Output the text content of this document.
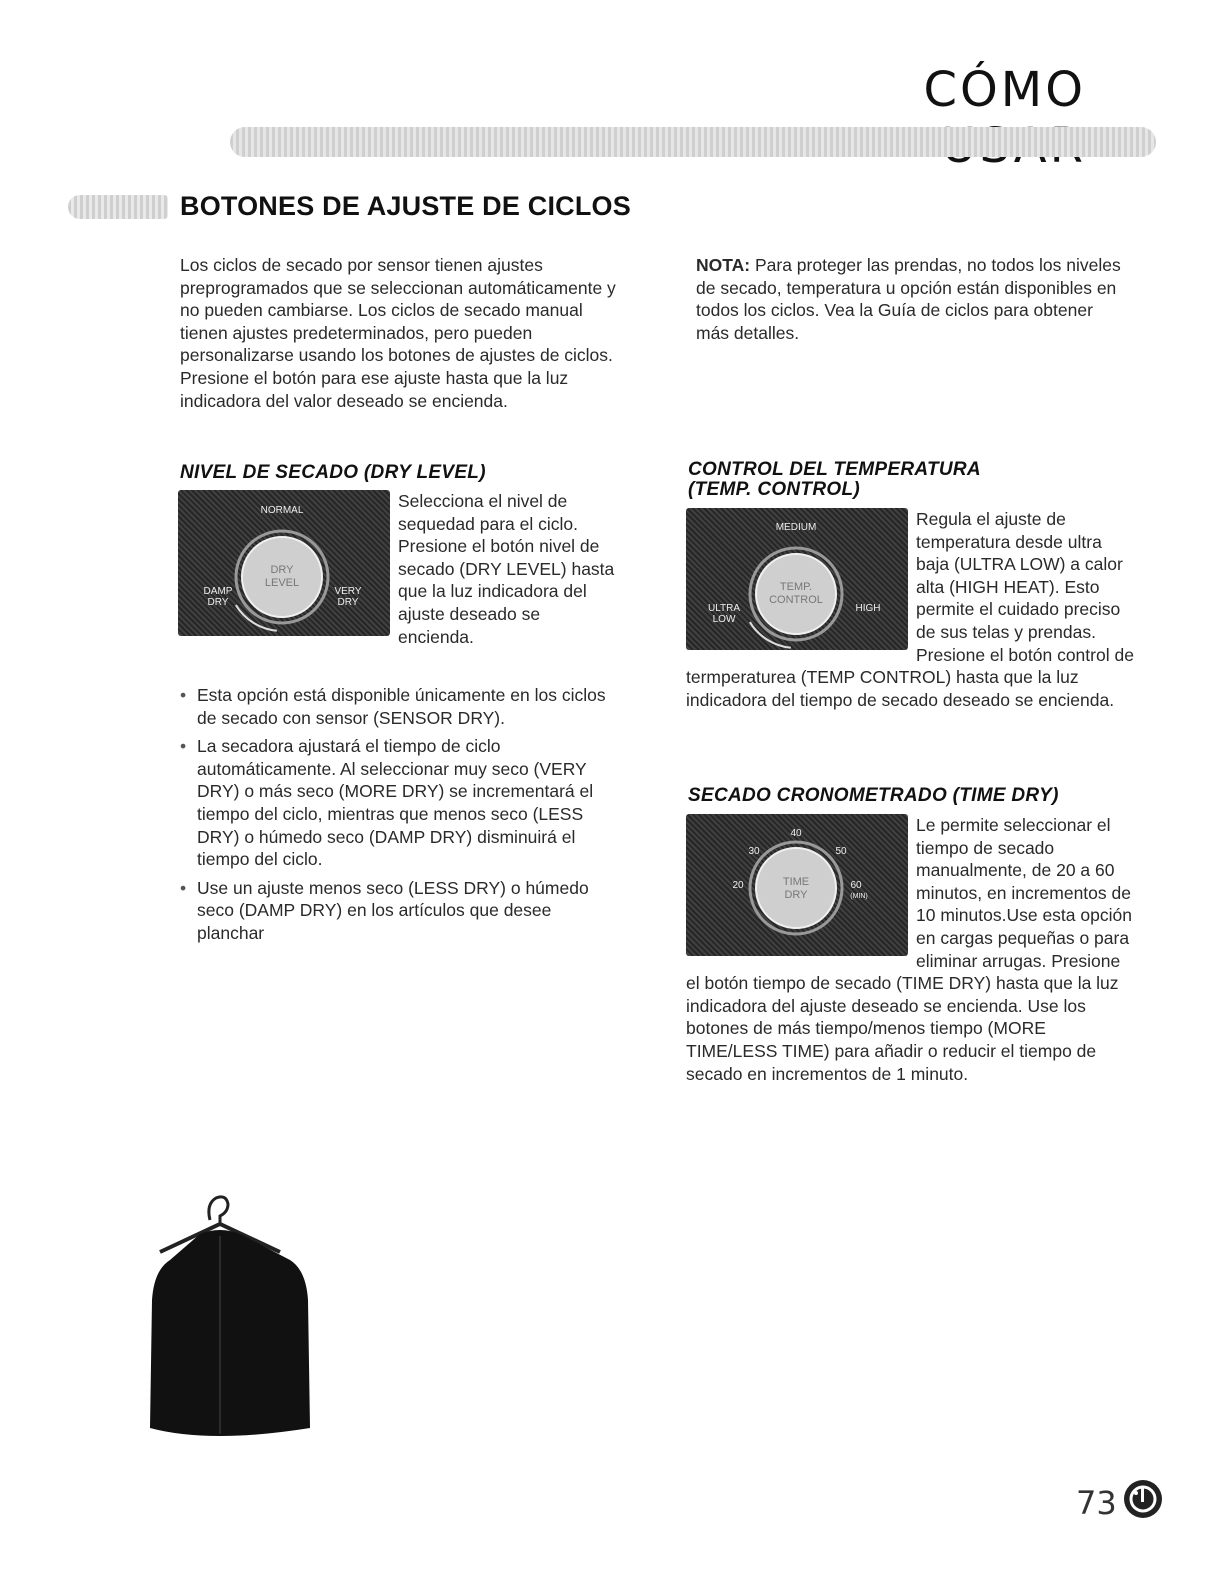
CÓMO
BOTONES DE AJUSTE DE CICLOS

Los ciclos de secado por sensor tienen ajustes preprogramados que se seleccionan automáticamente y no pueden cambiarse. Los ciclos de secado manual tienen ajustes predeterminados, pero pueden personalizarse usando los botones de ajustes de ciclos. Presione el botón para ese ajuste hasta que la luz indicadora del valor deseado se encienda.

NOTA: Para proteger las prendas, no todos los niveles de secado, temperatura u opción están disponibles en todos los ciclos. Vea la Guía de ciclos para obtener más detalles.

NIVEL DE SECADO (DRY LEVEL)
NORMAL
DRY
LEVEL
DAMP
DRY
VERY
DRY

Selecciona el nivel de sequedad para el ciclo. Presione el botón nivel de secado (DRY LEVEL) hasta que la luz indicadora del ajuste deseado se encienda.

• Esta opción está disponible únicamente en los ciclos de secado con sensor (SENSOR DRY).
• La secadora ajustará el tiempo de ciclo automáticamente. Al seleccionar muy seco (VERY DRY) o más seco (MORE DRY) se incrementará el tiempo del ciclo, mientras que menos seco (LESS DRY) o húmedo seco (DAMP DRY) disminuirá el tiempo del ciclo.
• Use un ajuste menos seco (LESS DRY) o húmedo seco (DAMP DRY) en los artículos que desee planchar
CONTROL DEL TEMPERATURA
(TEMP. CONTROL)
MEDIUM
TEMP.
CONTROL
ULTRA
LOW
HIGH

Regula el ajuste de temperatura desde ultra baja (ULTRA LOW) a calor alta (HIGH HEAT). Esto permite el cuidado preciso de sus telas y prendas. Presione el botón control de termperaturea (TEMP CONTROL) hasta que la luz indicadora del tiempo de secado deseado se encienda.

SECADO CRONOMETRADO (TIME DRY)
40
30	50
20	60
(MIN)
TIME
DRY

Le permite seleccionar el tiempo de secado manualmente, de 20 a 60 minutos, en incrementos de 10 minutos.Use esta opción en cargas pequeñas o para eliminar arrugas. Presione el botón tiempo de secado (TIME DRY) hasta que la luz indicadora del ajuste deseado se encienda. Use los botones de más tiempo/menos tiempo (MORE TIME/LESS TIME) para añadir o reducir el tiempo de secado en incrementos de 1 minuto.

73
